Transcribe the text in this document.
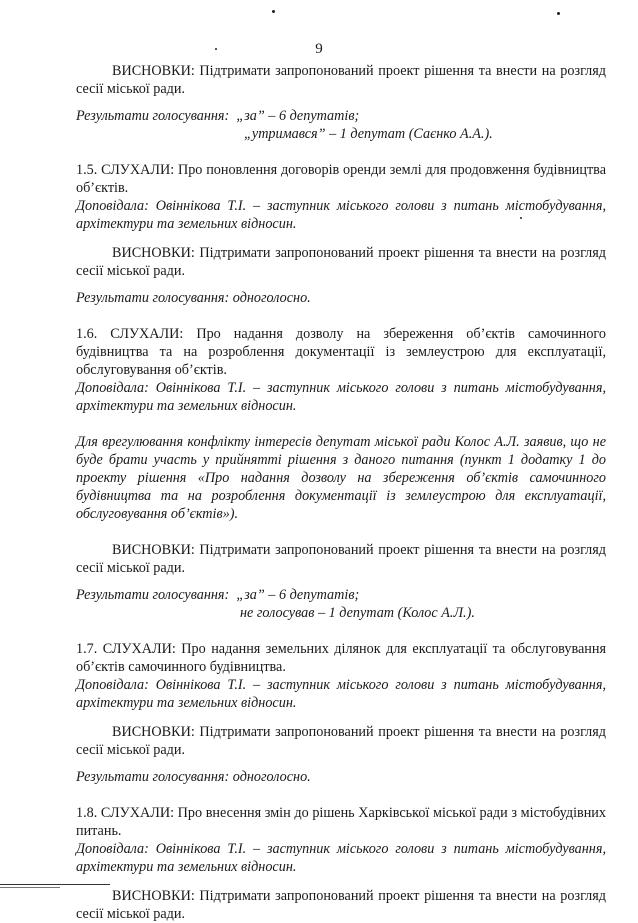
9

ВИСНОВКИ: Підтримати запропонований проект рішення та внести на розгляд сесії міської ради.

Результати голосування: „за” – 6 депутатів;
„утримався” – 1 депутат (Саєнко А.А.).

1.5. СЛУХАЛИ: Про поновлення договорів оренди землі для продовження будівництва об’єктів.

Доповідала: Овіннікова Т.І. – заступник міського голови з питань містобудування, архітектури та земельних відносин.

ВИСНОВКИ: Підтримати запропонований проект рішення та внести на розгляд сесії міської ради.

Результати голосування: одноголосно.

1.6. СЛУХАЛИ: Про надання дозволу на збереження об’єктів самочинного будівництва та на розроблення документації із землеустрою для експлуатації, обслуговування об’єктів.

Доповідала: Овіннікова Т.І. – заступник міського голови з питань містобудування, архітектури та земельних відносин.

Для врегулювання конфлікту інтересів депутат міської ради Колос А.Л. заявив, що не буде брати участь у прийнятті рішення з даного питання (пункт 1 додатку 1 до проекту рішення «Про надання дозволу на збереження об’єктів самочинного будівництва та на розроблення документації із землеустрою для експлуатації, обслуговування об’єктів»).

ВИСНОВКИ: Підтримати запропонований проект рішення та внести на розгляд сесії міської ради.

Результати голосування: „за” – 6 депутатів;
не голосував – 1 депутат (Колос А.Л.).

1.7. СЛУХАЛИ: Про надання земельних ділянок для експлуатації та обслуговування об’єктів самочинного будівництва.

Доповідала: Овіннікова Т.І. – заступник міського голови з питань містобудування, архітектури та земельних відносин.

ВИСНОВКИ: Підтримати запропонований проект рішення та внести на розгляд сесії міської ради.

Результати голосування: одноголосно.

1.8. СЛУХАЛИ: Про внесення змін до рішень Харківської міської ради з містобудівних питань.

Доповідала: Овіннікова Т.І. – заступник міського голови з питань містобудування, архітектури та земельних відносин.

ВИСНОВКИ: Підтримати запропонований проект рішення та внести на розгляд сесії міської ради.
